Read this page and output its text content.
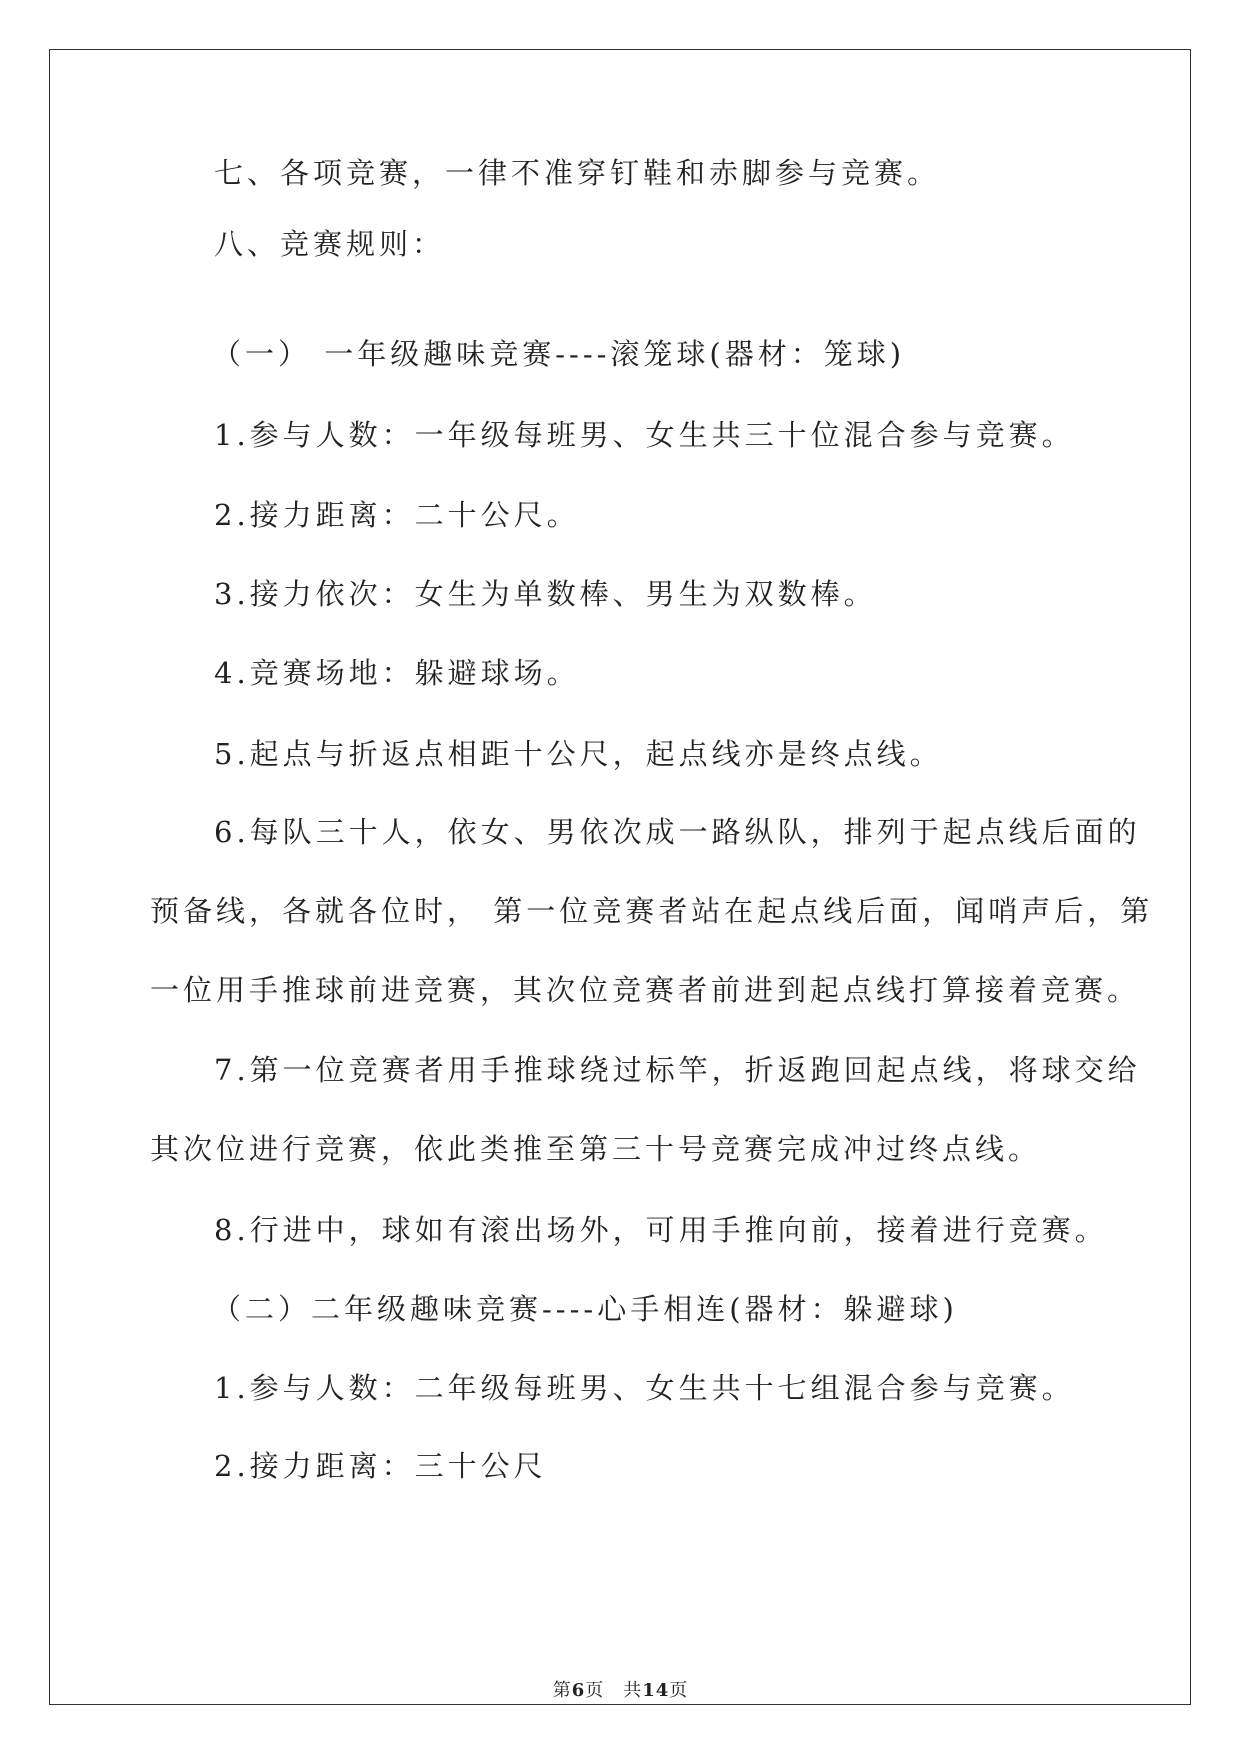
七、各项竞赛，一律不准穿钉鞋和赤脚参与竞赛。
八、竞赛规则：
（一） 一年级趣味竞赛----滚笼球(器材：笼球)
1.参与人数：一年级每班男、女生共三十位混合参与竞赛。
2.接力距离：二十公尺。
3.接力依次：女生为单数棒、男生为双数棒。
4.竞赛场地：躲避球场。
5.起点与折返点相距十公尺，起点线亦是终点线。
6.每队三十人，依女、男依次成一路纵队，排列于起点线后面的
预备线，各就各位时， 第一位竞赛者站在起点线后面，闻哨声后，第
一位用手推球前进竞赛，其次位竞赛者前进到起点线打算接着竞赛。
7.第一位竞赛者用手推球绕过标竿，折返跑回起点线，将球交给
其次位进行竞赛，依此类推至第三十号竞赛完成冲过终点线。
8.行进中，球如有滚出场外，可用手推向前，接着进行竞赛。
（二）二年级趣味竞赛----心手相连(器材：躲避球)
1.参与人数：二年级每班男、女生共十七组混合参与竞赛。
2.接力距离：三十公尺
第6页　共14页
